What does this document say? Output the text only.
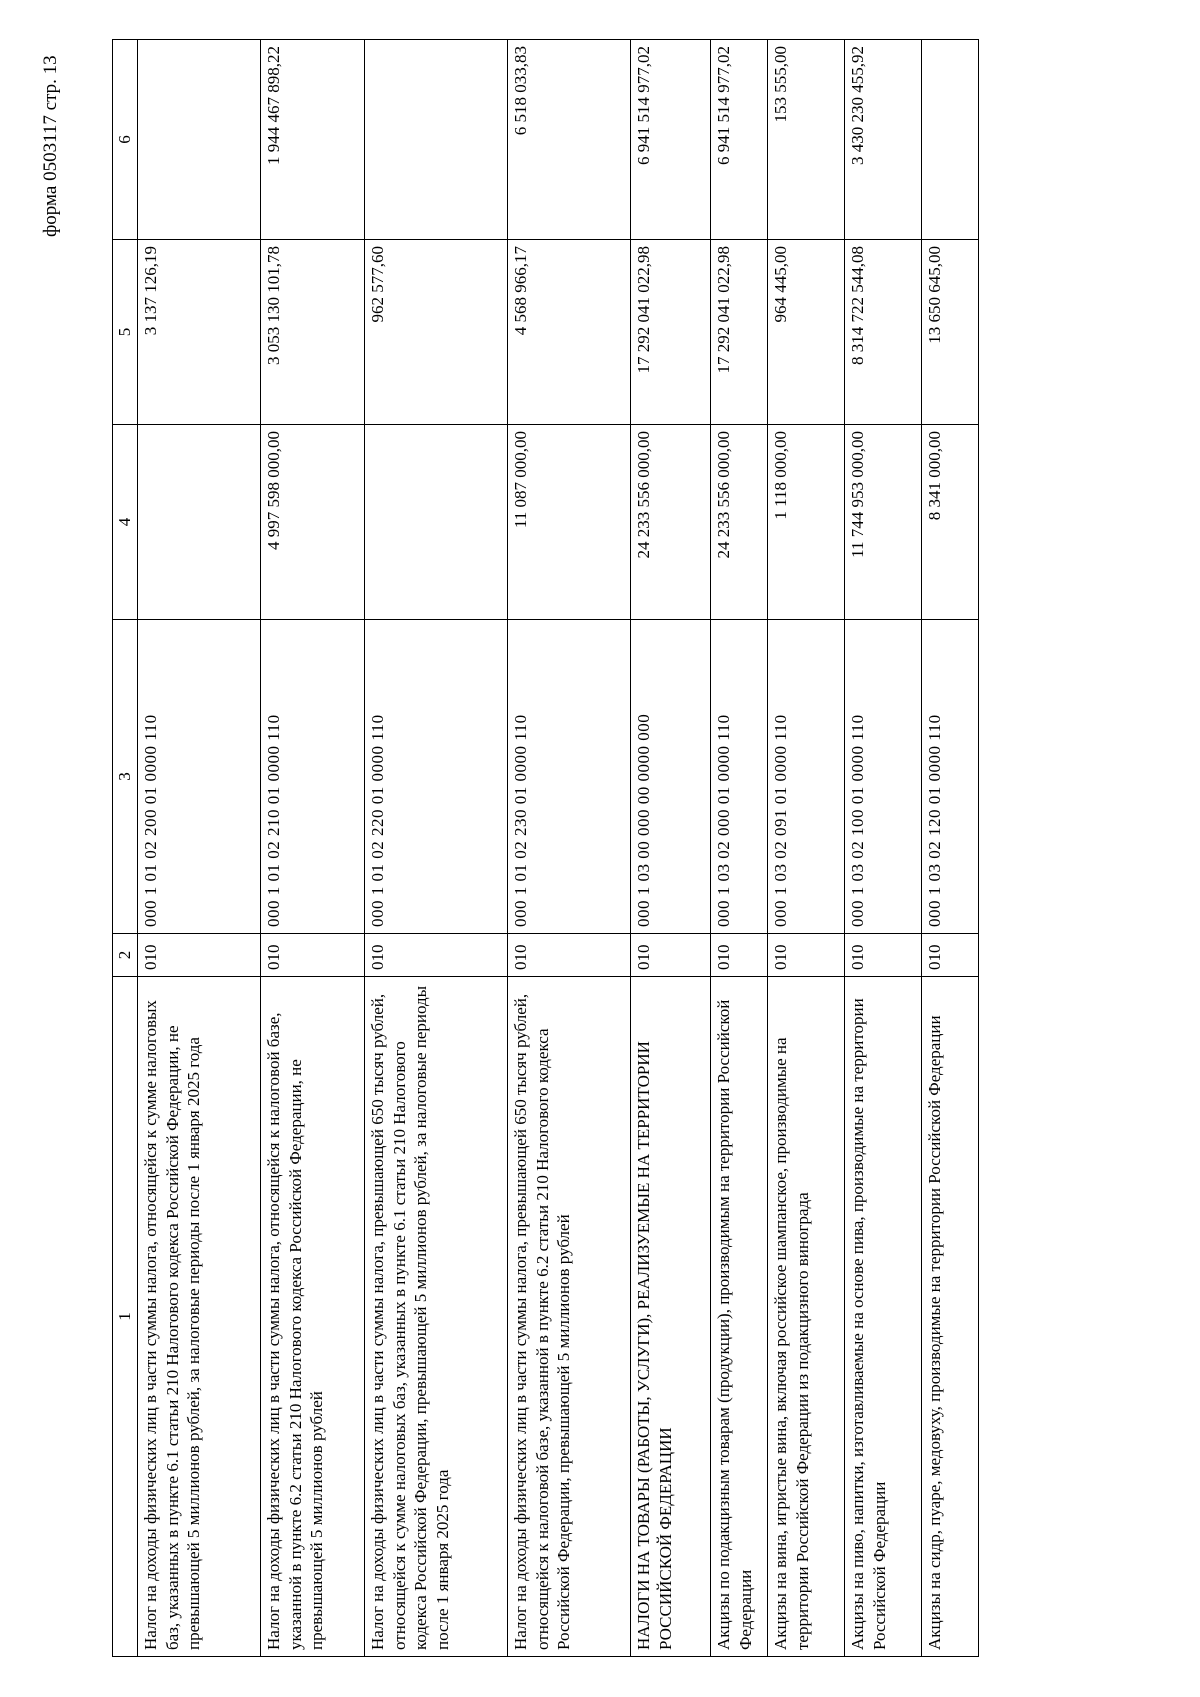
форма 0503117 стр. 13
1	2	3	4	5	6
Налог на доходы физических лиц в части суммы налога, относящейся к сумме налоговых баз, указанных в пункте 6.1 статьи 210 Налогового кодекса Российской Федерации, не превышающей 5 миллионов рублей, за налоговые периоды после 1 января 2025 года	010	000 1 01 02 200 01 0000 110		3 137 126,19	
Налог на доходы физических лиц в части суммы налога, относящейся к налоговой базе, указанной в пункте 6.2 статьи 210 Налогового кодекса Российской Федерации, не превышающей 5 миллионов рублей	010	000 1 01 02 210 01 0000 110	4 997 598 000,00	3 053 130 101,78	1 944 467 898,22
Налог на доходы физических лиц в части суммы налога, превышающей 650 тысяч рублей, относящейся к сумме налоговых баз, указанных в пункте 6.1 статьи 210 Налогового кодекса Российской Федерации, превышающей 5 миллионов рублей, за налоговые периоды после 1 января 2025 года	010	000 1 01 02 220 01 0000 110		962 577,60	
Налог на доходы физических лиц в части суммы налога, превышающей 650 тысяч рублей, относящейся к налоговой базе, указанной в пункте 6.2 статьи 210 Налогового кодекса Российской Федерации, превышающей 5 миллионов рублей	010	000 1 01 02 230 01 0000 110	11 087 000,00	4 568 966,17	6 518 033,83
НАЛОГИ НА ТОВАРЫ (РАБОТЫ, УСЛУГИ), РЕАЛИЗУЕМЫЕ НА ТЕРРИТОРИИ РОССИЙСКОЙ ФЕДЕРАЦИИ	010	000 1 03 00 000 00 0000 000	24 233 556 000,00	17 292 041 022,98	6 941 514 977,02
Акцизы по подакцизным товарам (продукции), производимым на территории Российской Федерации	010	000 1 03 02 000 01 0000 110	24 233 556 000,00	17 292 041 022,98	6 941 514 977,02
Акцизы на вина, игристые вина, включая российское шампанское, производимые на территории Российской Федерации из подакцизного винограда	010	000 1 03 02 091 01 0000 110	1 118 000,00	964 445,00	153 555,00
Акцизы на пиво, напитки, изготавливаемые на основе пива, производимые на территории Российской Федерации	010	000 1 03 02 100 01 0000 110	11 744 953 000,00	8 314 722 544,08	3 430 230 455,92
Акцизы на сидр, пуаре, медовуху, производимые на территории Российской Федерации	010	000 1 03 02 120 01 0000 110	8 341 000,00	13 650 645,00	
